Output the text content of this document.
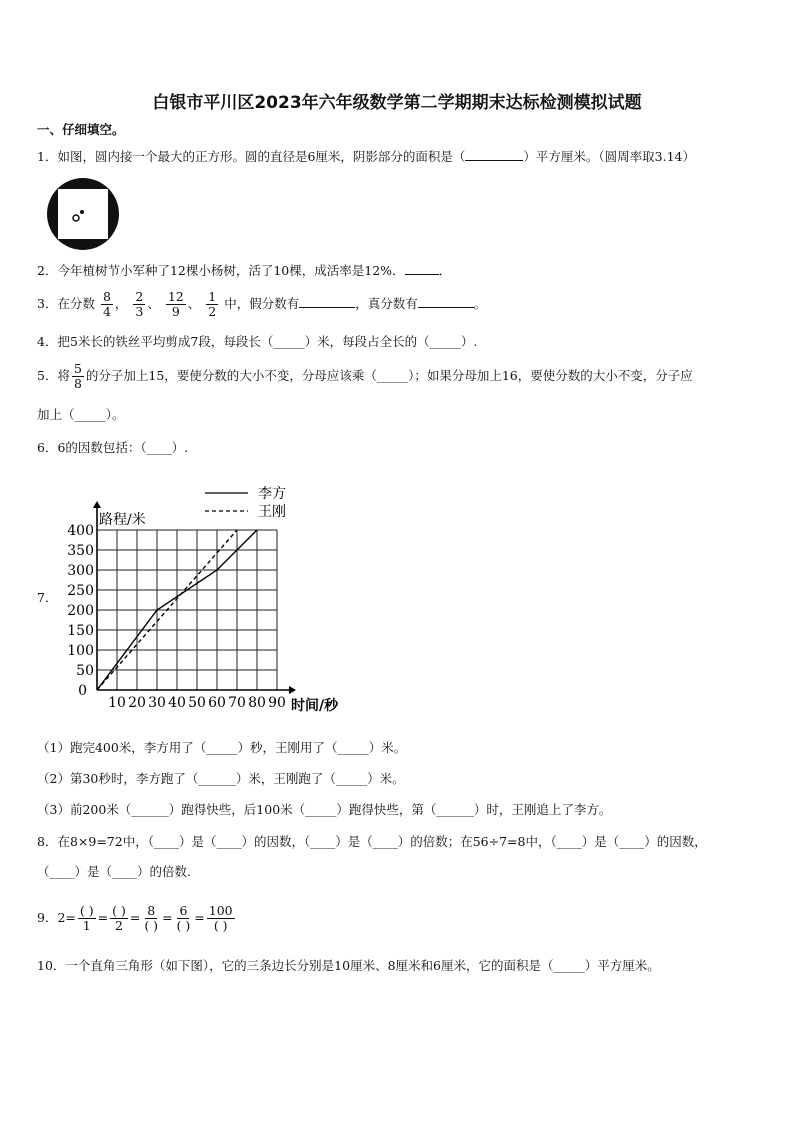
白银市平川区2023年六年级数学第二学期期末达标检测模拟试题
一、仔细填空。
1．如图，圆内接一个最大的正方形。圆的直径是6厘米，阴影部分的面积是（	）平方厘米。（圆周率取3.14）
2．今年植树节小军种了12棵小杨树，活了10棵，成活率是12%．	．
3．在分数 $\frac{8}{4}$ ， $\frac{2}{3}$ 、 $\frac{12}{9}$ 、 $\frac{1}{2}$ 中，假分数有	，真分数有	。
4．把5米长的铁丝平均剪成7段，每段长（_____）米，每段占全长的（_____）.
5．将 $\frac{5}{8}$ 的分子加上15，要使分数的大小不变，分母应该乘（_____）；如果分母加上16，要使分数的大小不变，分子应
加上（_____）。
6．6的因数包括：（____）.
7．
50
100
150
200
250
300
350
400
0
10 20 30 40 50 60 70 80 90
路程/米
时间/秒
李方
王刚
（1）跑完400米，李方用了（_____）秒，王刚用了（_____）米。
（2）第30秒时，李方跑了（______）米，王刚跑了（_____）米。
（3）前200米（______）跑得快些，后100米（_____）跑得快些，第（______）时，王刚追上了李方。
8．在8×9=72中，（____）是（____）的因数，（____）是（____）的倍数；在56÷7=8中，（____）是（____）的因数，
（____）是（____）的倍数.
9．$2= \frac{( )}{1} = \frac{( )}{2} = \frac{8}{( )} = \frac{6}{( )} = \frac{100}{( )}$
10．一个直角三角形（如下图），它的三条边长分别是10厘米、8厘米和6厘米，它的面积是（_____）平方厘米。
